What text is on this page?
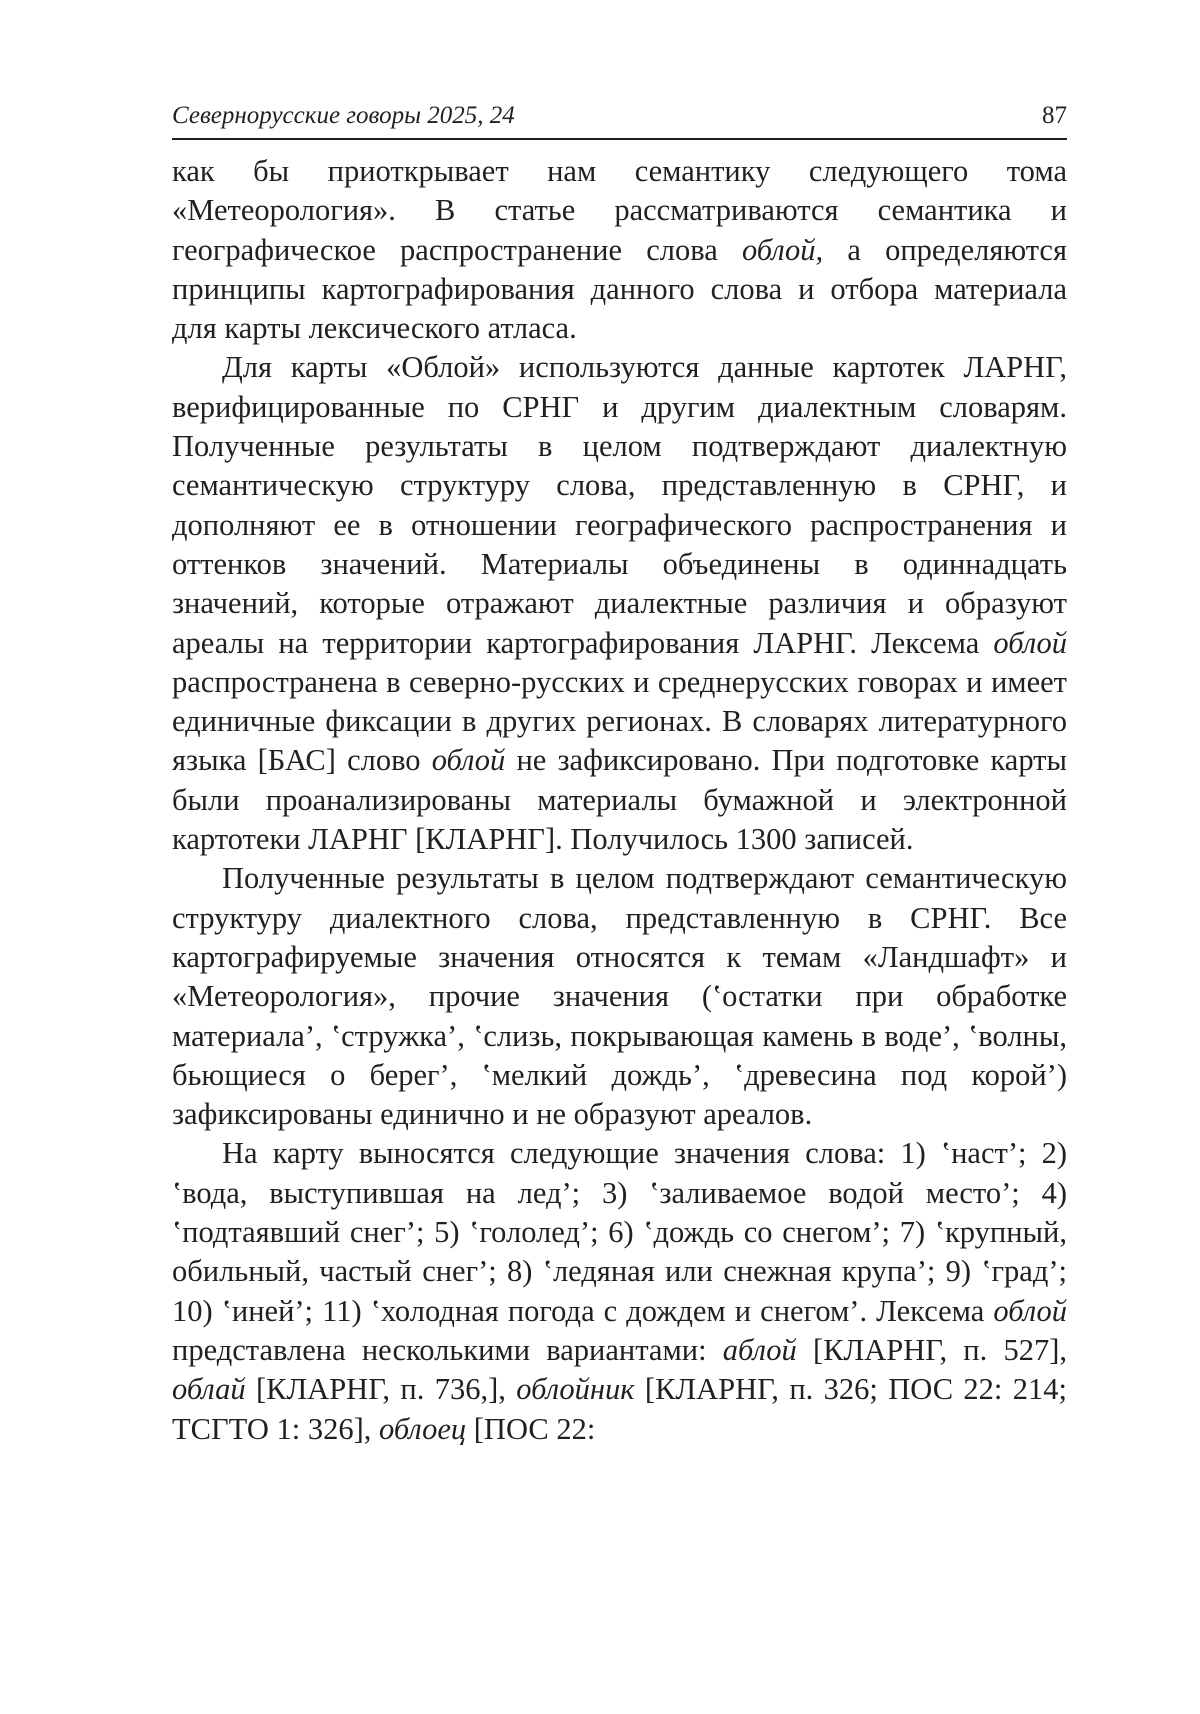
Севернорусские говоры 2025, 24	87

как бы приоткрывает нам семантику следующего тома «Метеорология». В статье рассматриваются семантика и географическое распространение слова облой, а определяются принципы картографирования данного слова и отбора материала для карты лексического атласа.

Для карты «Облой» используются данные картотек ЛАРНГ, верифицированные по СРНГ и другим диалектным словарям. Полученные результаты в целом подтверждают диалектную семантическую структуру слова, представленную в СРНГ, и дополняют ее в отношении географического распространения и оттенков значений. Материалы объединены в одиннадцать значений, которые отражают диалектные различия и образуют ареалы на территории картографирования ЛАРНГ. Лексема облой распространена в северно-русских и среднерусских говорах и имеет единичные фиксации в других регионах. В словарях литературного языка [БАС] слово облой не зафиксировано. При подготовке карты были проанализированы материалы бумажной и электронной картотеки ЛАРНГ [КЛАРНГ]. Получилось 1300 записей.

Полученные результаты в целом подтверждают семантическую структуру диалектного слова, представленную в СРНГ. Все картографируемые значения относятся к темам «Ландшафт» и «Метеорология», прочие значения (ʽостатки при обработке материала’, ʽстружка’, ʽслизь, покрывающая камень в воде’, ʽволны, бьющиеся о берег’, ʽмелкий дождь’, ʽдревесина под корой’) зафиксированы единично и не образуют ареалов.

На карту выносятся следующие значения слова: 1) ʽнаст’; 2) ʽвода, выступившая на лед’; 3) ʽзаливаемое водой место’; 4) ʽподтаявший снег’; 5) ʽгололед’; 6) ʽдождь со снегом’; 7) ʽкрупный, обильный, частый снег’; 8) ʽледяная или снежная крупа’; 9) ʽград’; 10) ʽиней’; 11) ʽхолодная погода с дождем и снегом’. Лексема облой представлена несколькими вариантами: аблой [КЛАРНГ, п. 527], облай [КЛАРНГ, п. 736,], облойник [КЛАРНГ, п. 326; ПОС 22: 214; ТСГТО 1: 326], облоец [ПОС 22:
